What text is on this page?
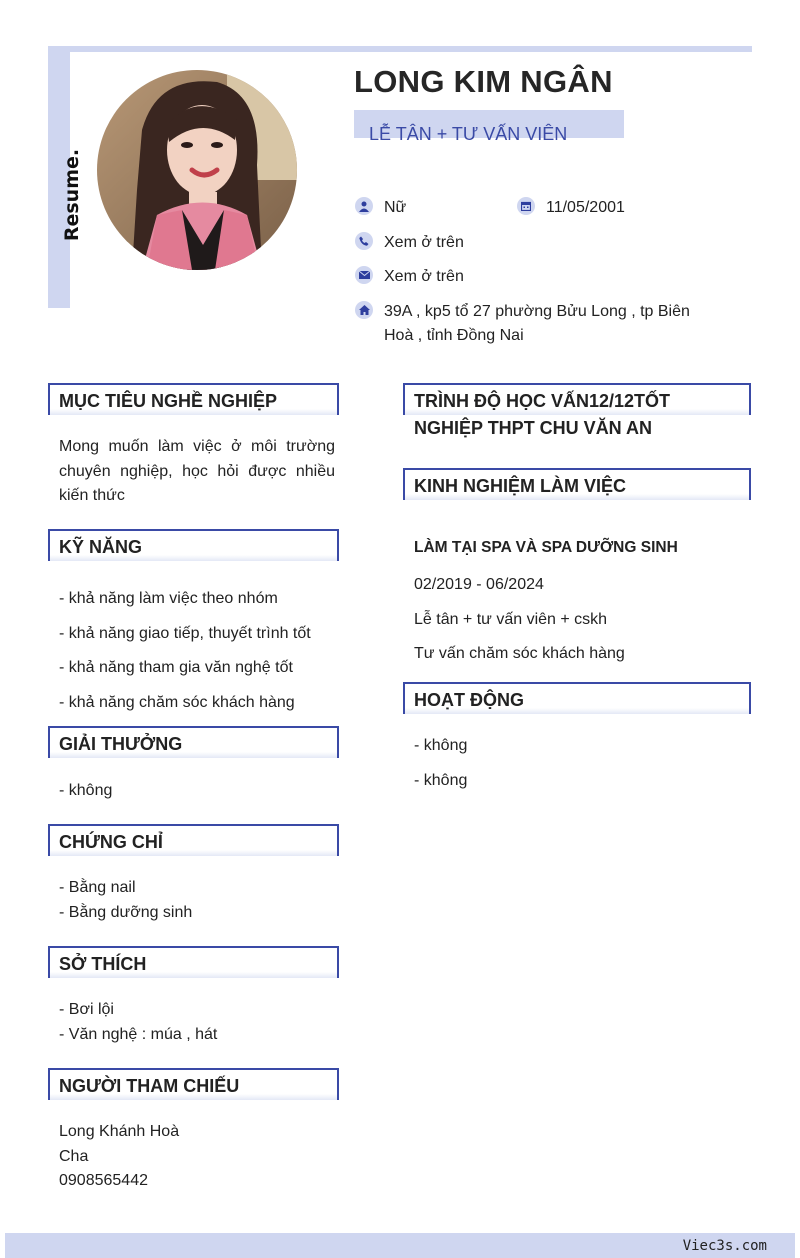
Resume.
LONG KIM NGÂN
LỄ TÂN + TƯ VẤN VIÊN
Nữ	11/05/2001
Xem ở trên
Xem ở trên
39A , kp5 tổ 27 phường Bửu Long , tp Biên
Hoà , tỉnh Đồng Nai
MỤC TIÊU NGHỀ NGHIỆP
Mong muốn làm việc ở môi trường
chuyên nghiệp, học hỏi được nhiều
kiến thức
KỸ NĂNG
- khả năng làm việc theo nhóm
- khả năng giao tiếp, thuyết trình tốt
- khả năng tham gia văn nghệ tốt
- khả năng chăm sóc khách hàng
GIẢI THƯỞNG
- không
CHỨNG CHỈ
- Bằng nail
- Bằng dưỡng sinh
SỞ THÍCH
- Bơi lội
- Văn nghệ : múa , hát
NGƯỜI THAM CHIẾU
Long Khánh Hoà
Cha
0908565442
TRÌNH ĐỘ HỌC VẤN12/12TỐT
NGHIỆP THPT CHU VĂN AN
KINH NGHIỆM LÀM VIỆC
LÀM TẠI SPA VÀ SPA DƯỠNG SINH
02/2019 - 06/2024
Lễ tân + tư vấn viên + cskh
Tư vấn chăm sóc khách hàng
HOẠT ĐỘNG
- không
- không
Viec3s.com
